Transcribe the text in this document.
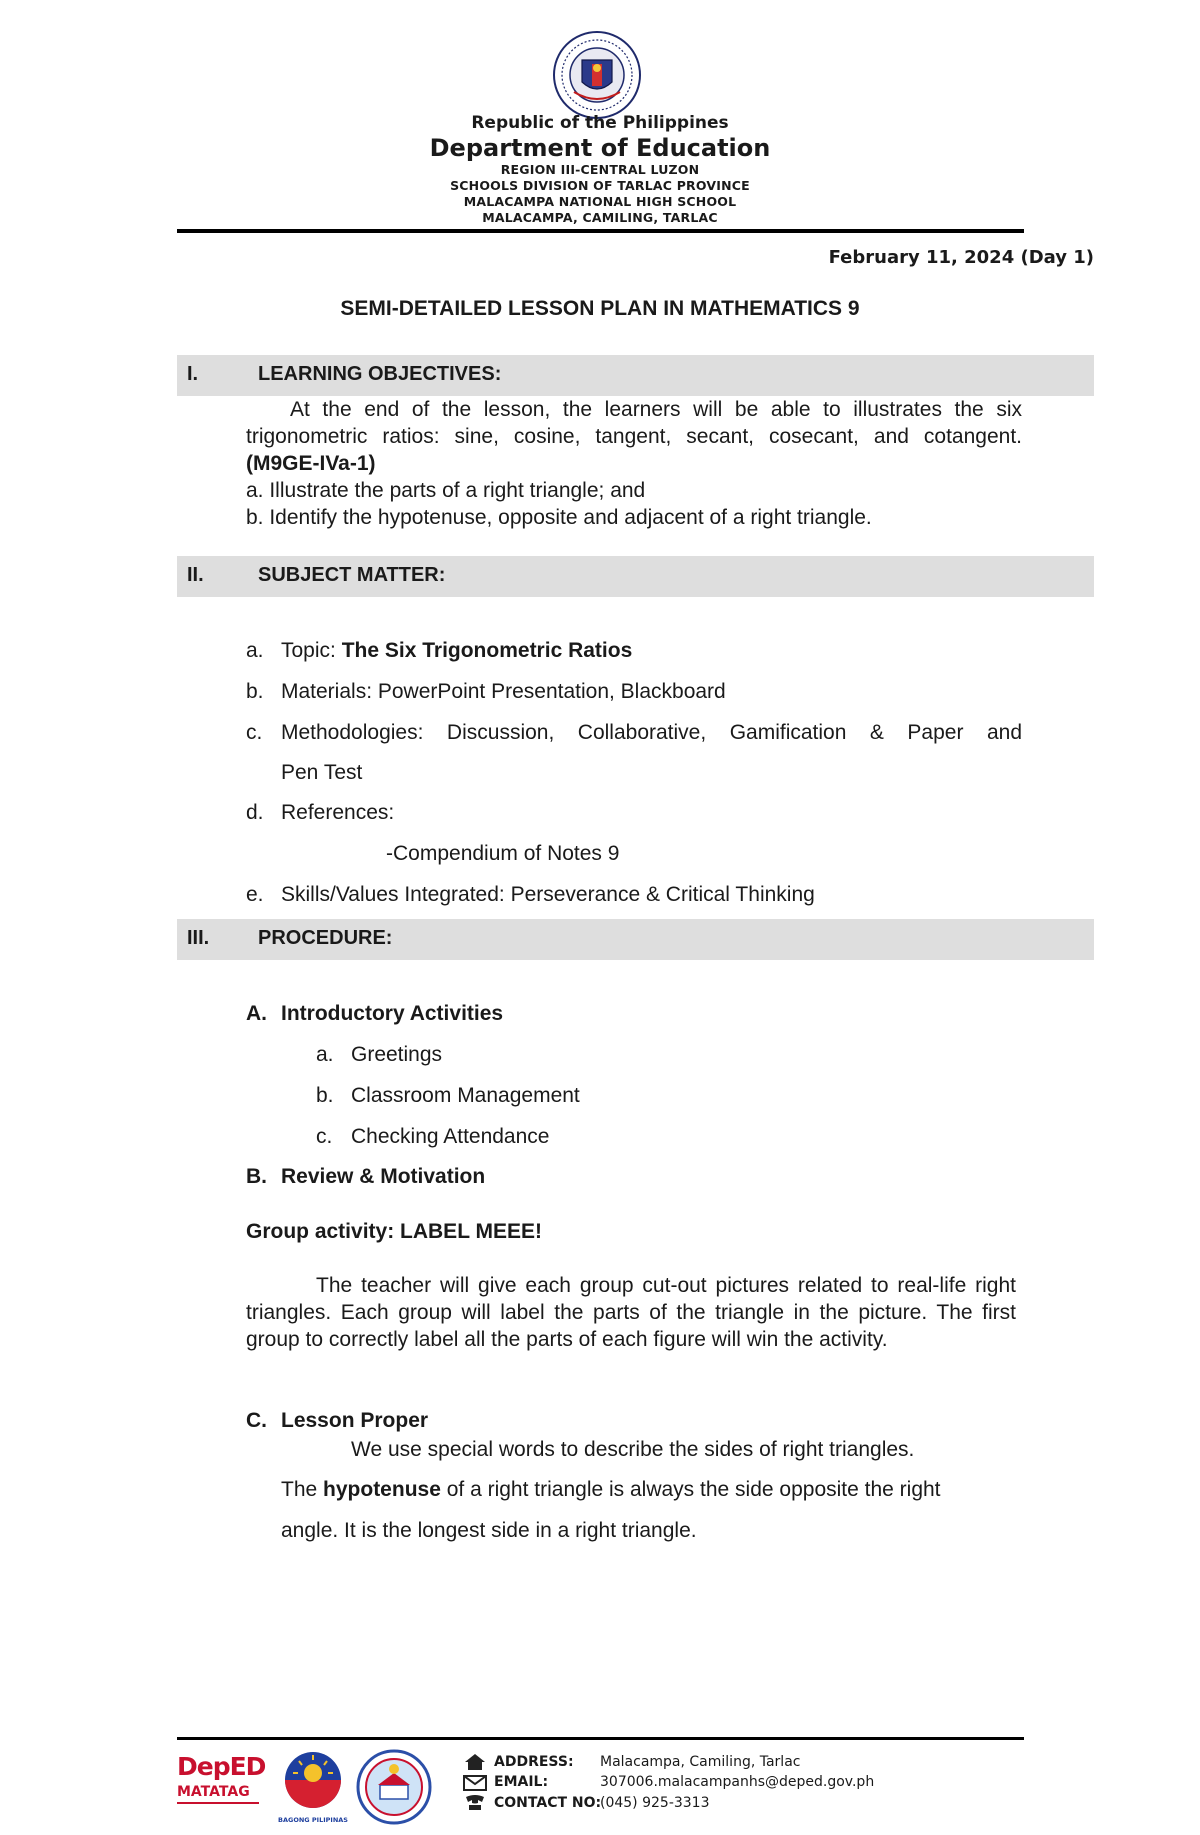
Republic of the Philippines
Department of Education
REGION III-CENTRAL LUZON
SCHOOLS DIVISION OF TARLAC PROVINCE
MALACAMPA NATIONAL HIGH SCHOOL
MALACAMPA, CAMILING, TARLAC
February 11, 2024 (Day 1)
SEMI-DETAILED LESSON PLAN IN MATHEMATICS 9
I.	LEARNING OBJECTIVES:
At the end of the lesson, the learners will be able to illustrates the six trigonometric ratios: sine, cosine, tangent, secant, cosecant, and cotangent. (M9GE-IVa-1)
a. Illustrate the parts of a right triangle; and
b. Identify the hypotenuse, opposite and adjacent of a right triangle.
II.	SUBJECT MATTER:
a. Topic: The Six Trigonometric Ratios
b. Materials: PowerPoint Presentation, Blackboard
c. Methodologies: Discussion, Collaborative, Gamification & Paper and
Pen Test
d. References:
-Compendium of Notes 9
e. Skills/Values Integrated: Perseverance & Critical Thinking
III. PROCEDURE:
A. Introductory Activities
a. Greetings
b. Classroom Management
c. Checking Attendance
B. Review & Motivation
Group activity: LABEL MEEE!
The teacher will give each group cut-out pictures related to real-life right triangles. Each group will label the parts of the triangle in the picture. The first group to correctly label all the parts of each figure will win the activity.
C. Lesson Proper
We use special words to describe the sides of right triangles.
The hypotenuse of a right triangle is always the side opposite the right
angle. It is the longest side in a right triangle.
DepED
MATATAG
BAGONG PILIPINAS
ADDRESS:
EMAIL:
CONTACT NO:
Malacampa, Camiling, Tarlac
307006.malacampanhs@deped.gov.ph
(045) 925-3313
